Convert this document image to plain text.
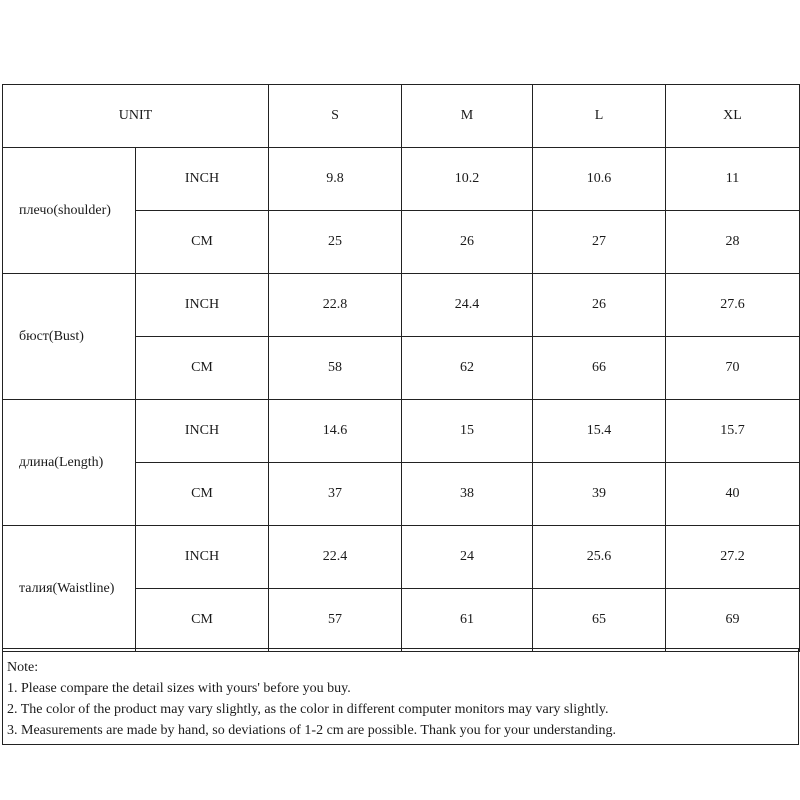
UNIT		S	M	L	XL
плечо(shoulder)	INCH	9.8	10.2	10.6	11
	CM	25	26	27	28
бюст(Bust)	INCH	22.8	24.4	26	27.6
	CM	58	62	66	70
длина(Length)	INCH	14.6	15	15.4	15.7
	CM	37	38	39	40
талия(Waistline)	INCH	22.4	24	25.6	27.2
	CM	57	61	65	69
Note:
1. Please compare the detail sizes with yours' before you buy.
2. The color of the product may vary slightly, as the color in different computer monitors may vary slightly.
3. Measurements are made by hand, so deviations of 1-2 cm are possible. Thank you for your understanding.
